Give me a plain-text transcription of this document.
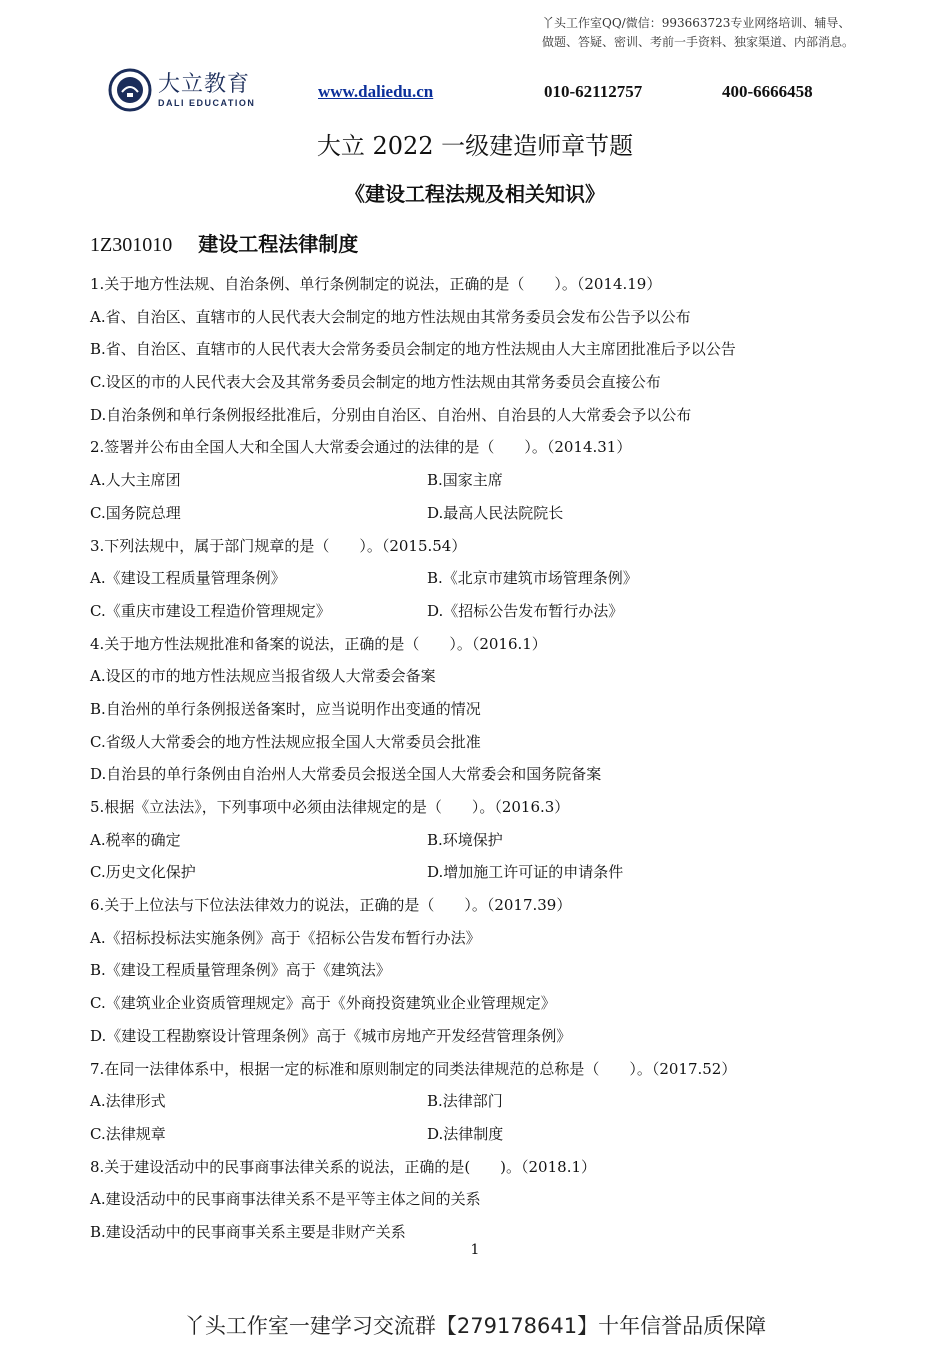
丫头工作室QQ/微信：993663723专业网络培训、辅导、
做题、答疑、密训、考前一手资料、独家渠道、内部消息。
大立教育
DALI EDUCATION
www.daliedu.cn	010-62112757	400-6666458
大立 2022 一级建造师章节题
《建设工程法规及相关知识》
1Z301010 建设工程法律制度
1.关于地方性法规、自治条例、单行条例制定的说法，正确的是（　　）。（2014.19）
A.省、自治区、直辖市的人民代表大会制定的地方性法规由其常务委员会发布公告予以公布
B.省、自治区、直辖市的人民代表大会常务委员会制定的地方性法规由人大主席团批准后予以公告
C.设区的市的人民代表大会及其常务委员会制定的地方性法规由其常务委员会直接公布
D.自治条例和单行条例报经批准后，分别由自治区、自治州、自治县的人大常委会予以公布
2.签署并公布由全国人大和全国人大常委会通过的法律的是（　　）。（2014.31）
A.人大主席团	B.国家主席
C.国务院总理	D.最高人民法院院长
3.下列法规中，属于部门规章的是（　　）。（2015.54）
A.《建设工程质量管理条例》	B.《北京市建筑市场管理条例》
C.《重庆市建设工程造价管理规定》	D.《招标公告发布暂行办法》
4.关于地方性法规批准和备案的说法，正确的是（　　）。（2016.1）
A.设区的市的地方性法规应当报省级人大常委会备案
B.自治州的单行条例报送备案时，应当说明作出变通的情况
C.省级人大常委会的地方性法规应报全国人大常委员会批准
D.自治县的单行条例由自治州人大常委员会报送全国人大常委会和国务院备案
5.根据《立法法》，下列事项中必须由法律规定的是（　　）。（2016.3）
A.税率的确定	B.环境保护
C.历史文化保护	D.增加施工许可证的申请条件
6.关于上位法与下位法法律效力的说法，正确的是（　　）。（2017.39）
A.《招标投标法实施条例》高于《招标公告发布暂行办法》
B.《建设工程质量管理条例》高于《建筑法》
C.《建筑业企业资质管理规定》高于《外商投资建筑业企业管理规定》
D.《建设工程勘察设计管理条例》高于《城市房地产开发经营管理条例》
7.在同一法律体系中，根据一定的标准和原则制定的同类法律规范的总称是（　　）。（2017.52）
A.法律形式	B.法律部门
C.法律规章	D.法律制度
8.关于建设活动中的民事商事法律关系的说法，正确的是(　　)。（2018.1）
A.建设活动中的民事商事法律关系不是平等主体之间的关系
B.建设活动中的民事商事关系主要是非财产关系
1
丫头工作室一建学习交流群【279178641】十年信誉品质保障
